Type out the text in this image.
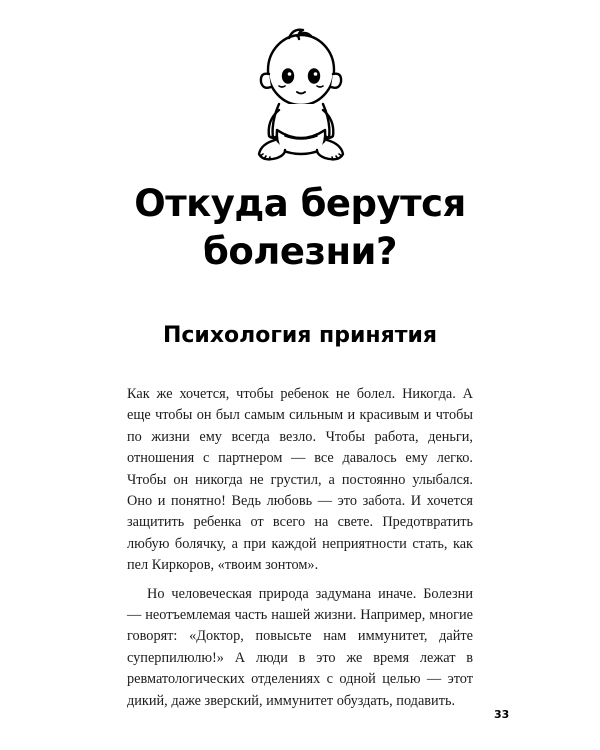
Откуда берутся
болезни?
Психология принятия

Как же хочется, чтобы ребенок не болел. Никогда. А еще чтобы он был самым сильным и красивым и чтобы по жизни ему всегда везло. Чтобы работа, деньги, отношения с партнером — все давалось ему легко. Чтобы он никогда не грустил, а постоянно улыбался. Оно и понятно! Ведь любовь — это забота. И хочется защитить ребенка от всего на свете. Предотвратить любую болячку, а при каждой неприятности стать, как пел Киркоров, «твоим зонтом».

Но человеческая природа задумана иначе. Болезни — неотъемлемая часть нашей жизни. Например, многие говорят: «Доктор, повысьте нам иммунитет, дайте суперпилюлю!» А люди в это же время лежат в ревматологических отделениях с одной целью — этот дикий, даже зверский, иммунитет обуздать, подавить.

33
